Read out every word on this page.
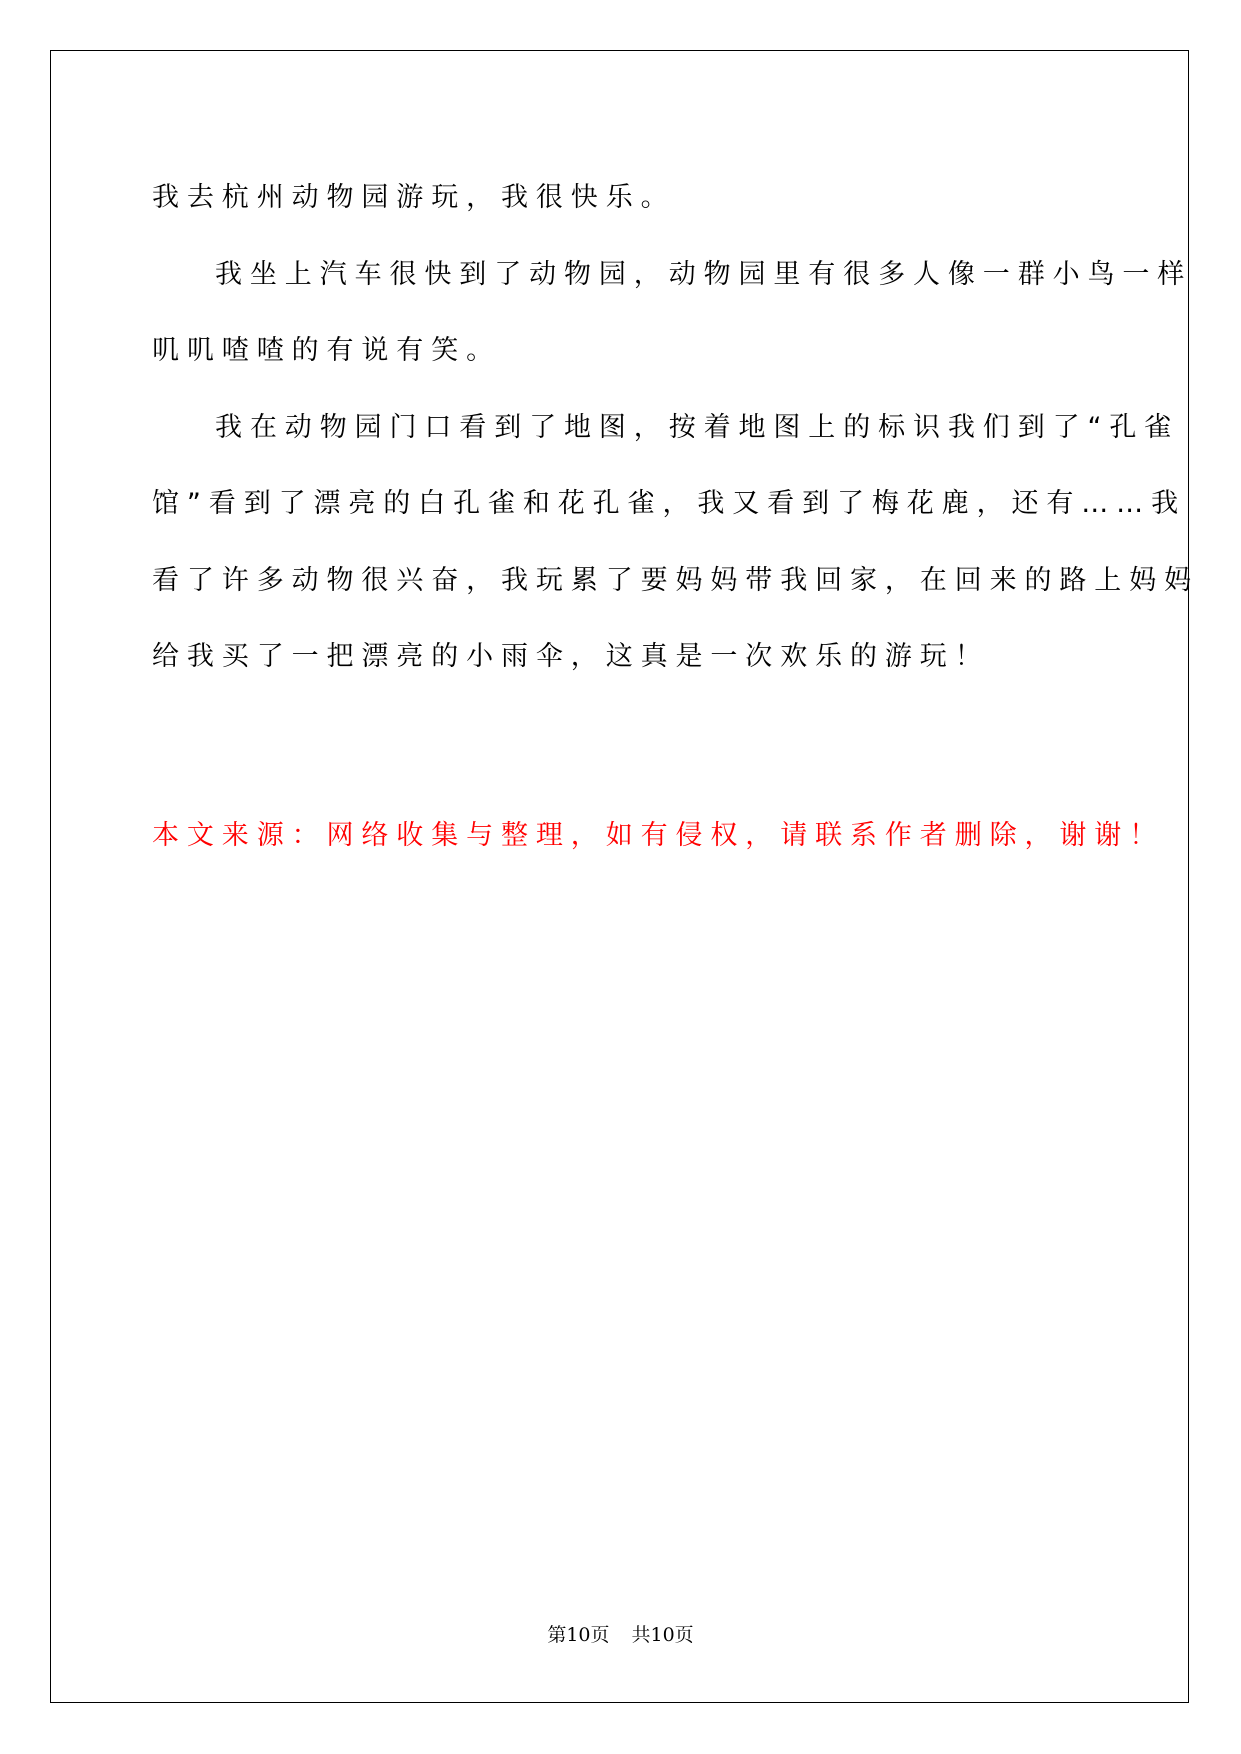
我去杭州动物园游玩，我很快乐。

我坐上汽车很快到了动物园，动物园里有很多人像一群小鸟一样

叽叽喳喳的有说有笑。

我在动物园门口看到了地图，按着地图上的标识我们到了“孔雀

馆”看到了漂亮的白孔雀和花孔雀，我又看到了梅花鹿，还有……我

看了许多动物很兴奋，我玩累了要妈妈带我回家，在回来的路上妈妈

给我买了一把漂亮的小雨伞，这真是一次欢乐的游玩！

本文来源：网络收集与整理，如有侵权，请联系作者删除，谢谢！

第10页 共10页
